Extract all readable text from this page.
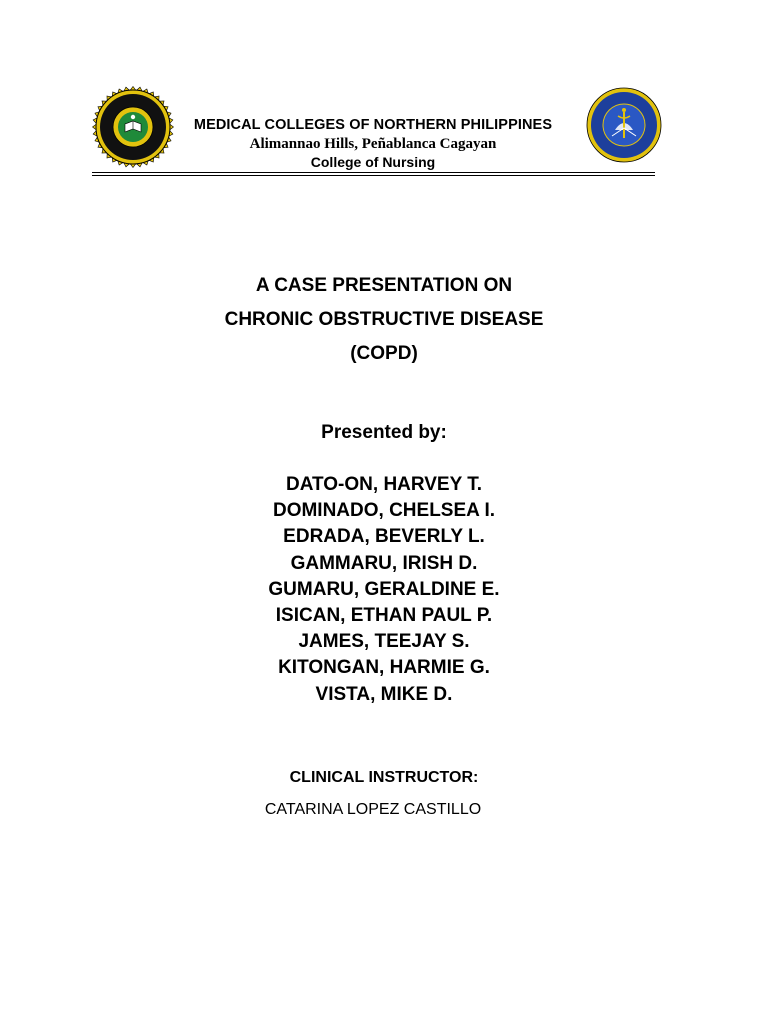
1994
MEDICAL COLLEGES OF NORTHERN PHILIPPINES
Alimannao Hills, Peñablanca Cagayan
College of Nursing
A CASE PRESENTATION ON
CHRONIC OBSTRUCTIVE DISEASE
(COPD)
Presented by:
DATO-ON, HARVEY T.
DOMINADO, CHELSEA I.
EDRADA, BEVERLY L.
GAMMARU, IRISH D.
GUMARU, GERALDINE E.
ISICAN, ETHAN PAUL P.
JAMES, TEEJAY S.
KITONGAN, HARMIE G.
VISTA, MIKE D.
CLINICAL INSTRUCTOR:
CATARINA LOPEZ CASTILLO
